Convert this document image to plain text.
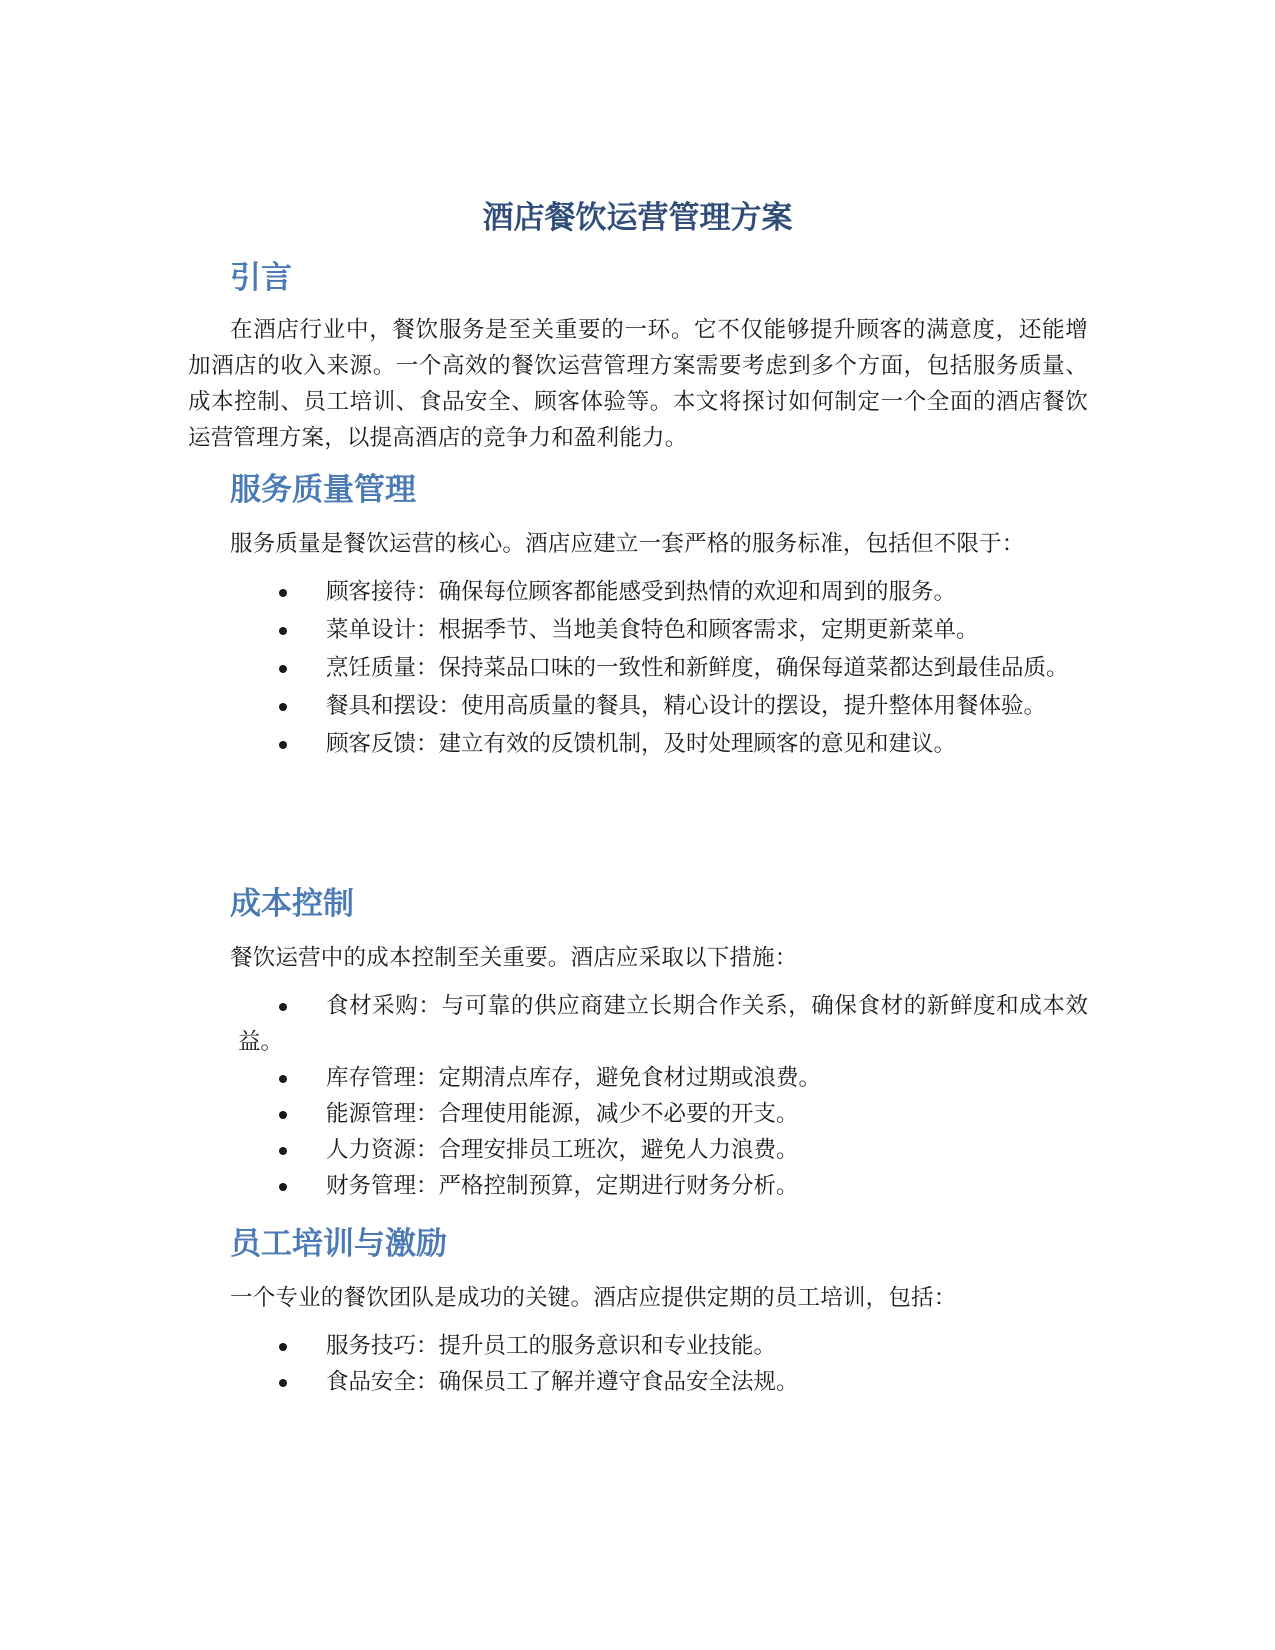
酒店餐饮运营管理方案
引言

在酒店行业中，餐饮服务是至关重要的一环。它不仅能够提升顾客的满意度，还能增加酒店的收入来源。一个高效的餐饮运营管理方案需要考虑到多个方面，包括服务质量、成本控制、员工培训、食品安全、顾客体验等。本文将探讨如何制定一个全面的酒店餐饮运营管理方案，以提高酒店的竞争力和盈利能力。

服务质量管理

服务质量是餐饮运营的核心。酒店应建立一套严格的服务标准，包括但不限于：

顾客接待：确保每位顾客都能感受到热情的欢迎和周到的服务。
菜单设计：根据季节、当地美食特色和顾客需求，定期更新菜单。
烹饪质量：保持菜品口味的一致性和新鲜度，确保每道菜都达到最佳品质。
餐具和摆设：使用高质量的餐具，精心设计的摆设，提升整体用餐体验。
顾客反馈：建立有效的反馈机制，及时处理顾客的意见和建议。
成本控制

餐饮运营中的成本控制至关重要。酒店应采取以下措施：

食材采购：与可靠的供应商建立长期合作关系，确保食材的新鲜度和成本效益。
库存管理：定期清点库存，避免食材过期或浪费。
能源管理：合理使用能源，减少不必要的开支。
人力资源：合理安排员工班次，避免人力浪费。
财务管理：严格控制预算，定期进行财务分析。
员工培训与激励

一个专业的餐饮团队是成功的关键。酒店应提供定期的员工培训，包括：

服务技巧：提升员工的服务意识和专业技能。
食品安全：确保员工了解并遵守食品安全法规。
